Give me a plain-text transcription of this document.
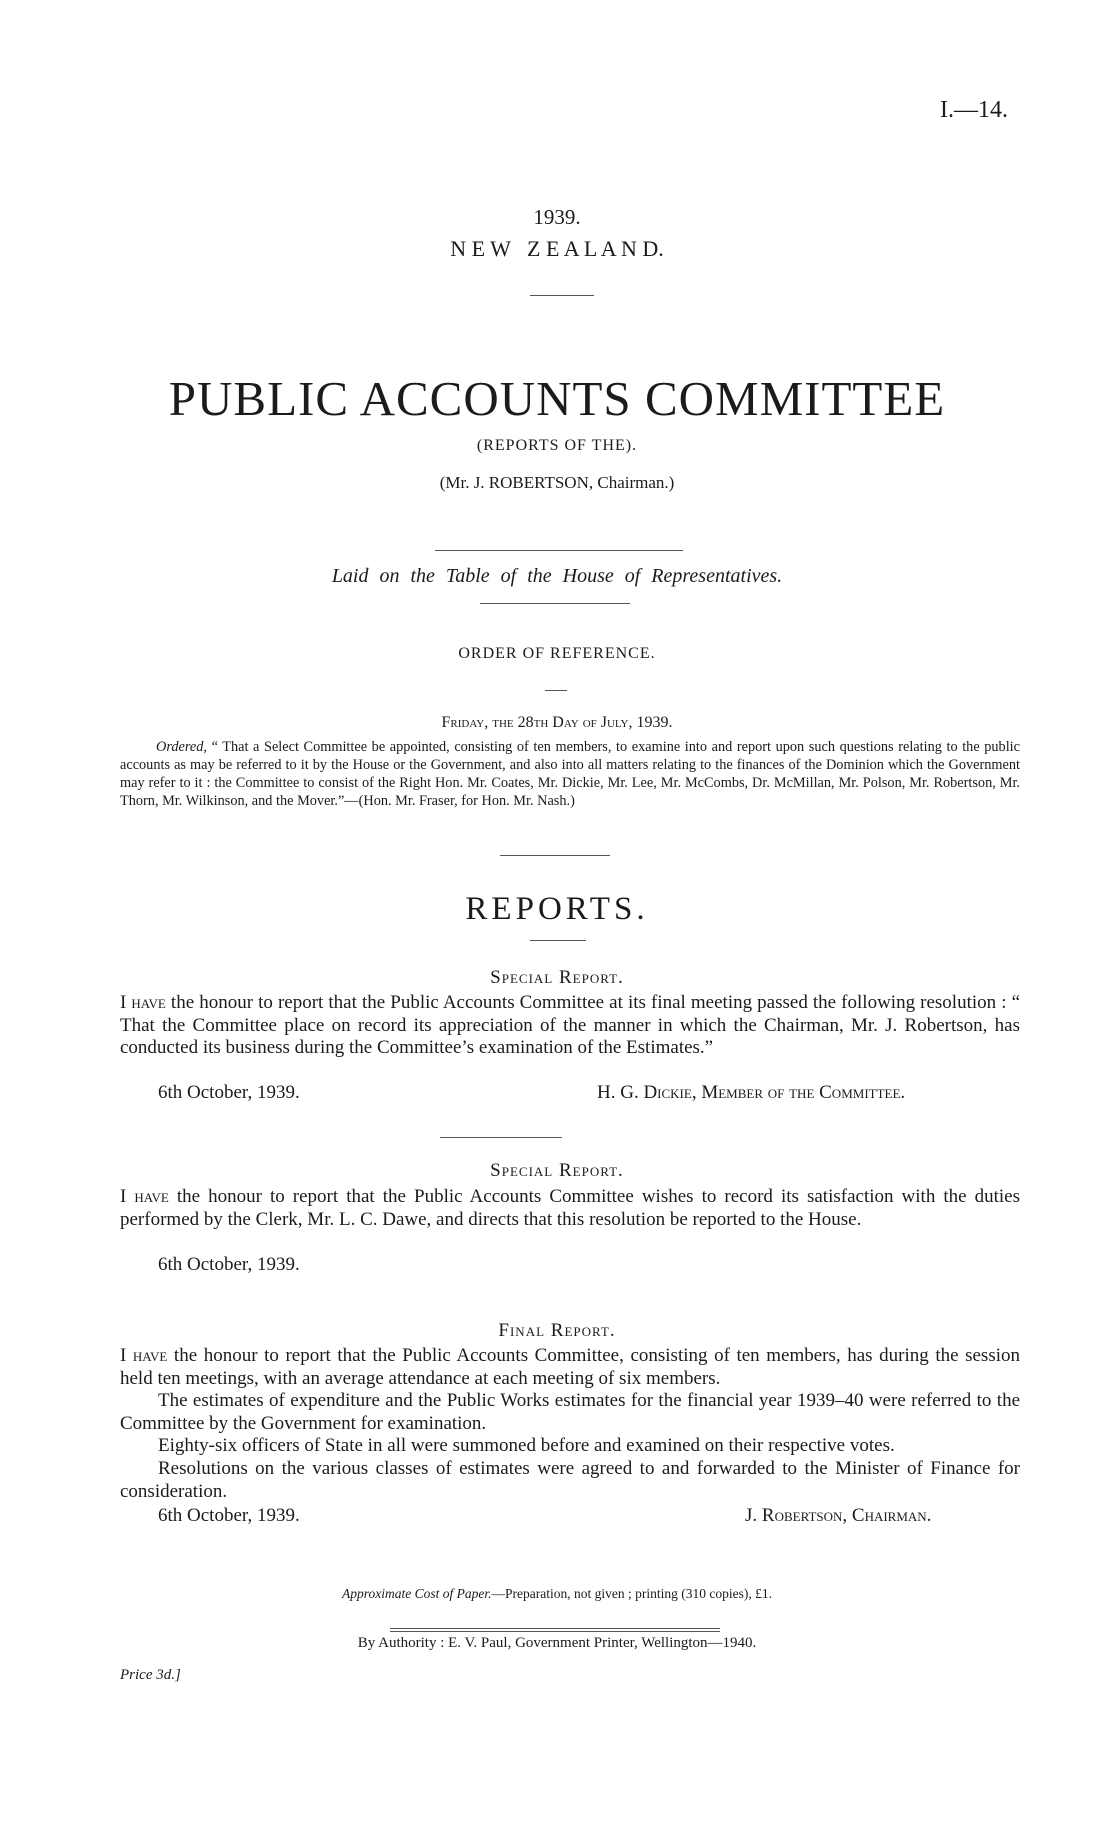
I.—14.
1939.
N E W   Z E A L A N D.
PUBLIC ACCOUNTS COMMITTEE
(REPORTS OF THE).
(Mr. J. ROBERTSON, Chairman.)
Laid on the Table of the House of Representatives.
ORDER OF REFERENCE.
Friday, the 28th Day of July, 1939.
Ordered, “ That a Select Committee be appointed, consisting of ten members, to examine into and report upon such questions relating to the public accounts as may be referred to it by the House or the Government, and also into all matters relating to the finances of the Dominion which the Government may refer to it : the Committee to consist of the Right Hon. Mr. Coates, Mr. Dickie, Mr. Lee, Mr. McCombs, Dr. McMillan, Mr. Polson, Mr. Robertson, Mr. Thorn, Mr. Wilkinson, and the Mover.”—(Hon. Mr. Fraser, for Hon. Mr. Nash.)
REPORTS.
Special Report.
I have the honour to report that the Public Accounts Committee at its final meeting passed the following resolution : “ That the Committee place on record its appreciation of the manner in which the Chairman, Mr. J. Robertson, has conducted its business during the Committee’s examination of the Estimates.”
6th October, 1939.	H. G. Dickie, Member of the Committee.
Special Report.
I have the honour to report that the Public Accounts Committee wishes to record its satisfaction with the duties performed by the Clerk, Mr. L. C. Dawe, and directs that this resolution be reported to the House.
6th October, 1939.
Final Report.
I have the honour to report that the Public Accounts Committee, consisting of ten members, has during the session held ten meetings, with an average attendance at each meeting of six members.
The estimates of expenditure and the Public Works estimates for the financial year 1939–40 were referred to the Committee by the Government for examination.
Eighty-six officers of State in all were summoned before and examined on their respective votes.
Resolutions on the various classes of estimates were agreed to and forwarded to the Minister of Finance for consideration.
6th October, 1939.	J. Robertson, Chairman.
Approximate Cost of Paper.—Preparation, not given ; printing (310 copies), £1.
By Authority : E. V. Paul, Government Printer, Wellington—1940.
Price 3d.]
